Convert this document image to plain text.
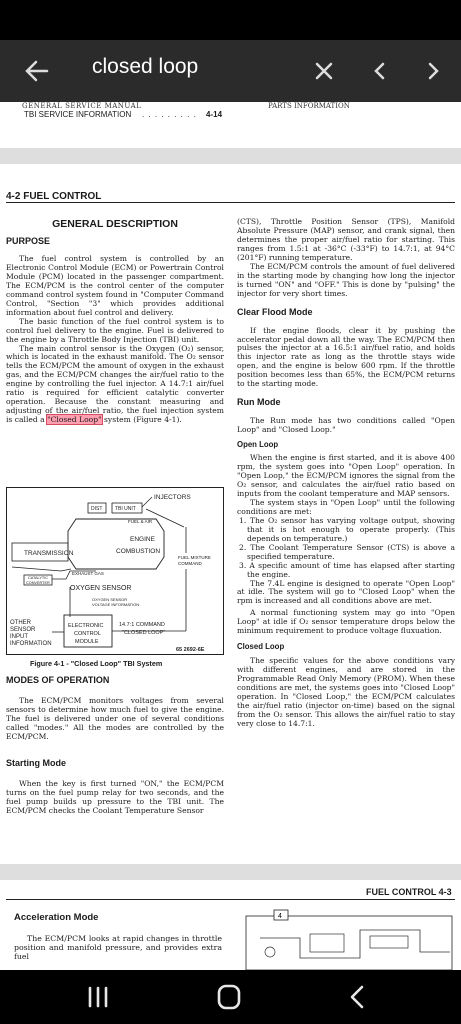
closed loop
GENERAL SERVICE MANUAL	PARTS INFORMATION
TBI SERVICE INFORMATION . . . . . . . . . 4-14
4-2 FUEL CONTROL
GENERAL DESCRIPTION
PURPOSE

The fuel control system is controlled by an Electronic Control Module (ECM) or Powertrain Control Module (PCM) located in the passenger compartment. The ECM/PCM is the control center of the computer command control system found in "Computer Command Control, "Section "3" which provides additional information about fuel control and delivery.

The basic function of the fuel control system is to control fuel delivery to the engine. Fuel is delivered to the engine by a Throttle Body Injection (TBI) unit.

The main control sensor is the Oxygen (O₂) sensor, which is located in the exhaust manifold. The O₂ sensor tells the ECM/PCM the amount of oxygen in the exhaust gas, and the ECM/PCM changes the air/fuel ratio to the engine by controlling the fuel injector. A 14.7:1 air/fuel ratio is required for efficient catalytic converter operation. Because the constant measuring and adjusting of the air/fuel ratio, the fuel injection system is called a "Closed Loop" system (Figure 4-1).

INJECTORS
DIST	TBI UNIT
FUEL & AIR
ENGINE
COMBUSTION
FUEL MIXTURE
COMMAND
TRANSMISSION
CATALYTIC
CONVERTER
EXHAUST GAS
OXYGEN SENSOR
OXYGEN SENSOR
VOLTAGE INFORMATION
OTHER
SENSOR
INPUT
INFORMATION
ELECTRONIC
CONTROL
MODULE
14.7:1 COMMAND
"CLOSED LOOP"
65 2692-6E
Figure 4-1 - "Closed Loop" TBI System
MODES OF OPERATION

The ECM/PCM monitors voltages from several sensors to determine how much fuel to give the engine. The fuel is delivered under one of several conditions called "modes." All the modes are controlled by the ECM/PCM.

Starting Mode

When the key is first turned "ON," the ECM/PCM turns on the fuel pump relay for two seconds, and the fuel pump builds up pressure to the TBI unit. The ECM/PCM checks the Coolant Temperature Sensor

(CTS), Throttle Position Sensor (TPS), Manifold Absolute Pressure (MAP) sensor, and crank signal, then determines the proper air/fuel ratio for starting. This ranges from 1.5:1 at -36°C (-33°F) to 14.7:1, at 94°C (201°F) running temperature.

The ECM/PCM controls the amount of fuel delivered in the starting mode by changing how long the injector is turned "ON" and "OFF." This is done by "pulsing" the injector for very short times.

Clear Flood Mode

If the engine floods, clear it by pushing the accelerator pedal down all the way. The ECM/PCM then pulses the injector at a 16.5:1 air/fuel ratio, and holds this injector rate as long as the throttle stays wide open, and the engine is below 600 rpm. If the throttle position becomes less than 65%, the ECM/PCM returns to the starting mode.

Run Mode

The Run mode has two conditions called "Open Loop" and "Closed Loop."

Open Loop

When the engine is first started, and it is above 400 rpm, the system goes into "Open Loop" operation. In "Open Loop," the ECM/PCM ignores the signal from the O₂ sensor, and calculates the air/fuel ratio based on inputs from the coolant temperature and MAP sensors.

The system stays in "Open Loop" until the following conditions are met:

1. The O₂ sensor has varying voltage output, showing that it is hot enough to operate properly. (This depends on temperature.)

2. The Coolant Temperature Sensor (CTS) is above a specified temperature.

3. A specific amount of time has elapsed after starting the engine.

The 7.4L engine is designed to operate "Open Loop" at idle. The system will go to "Closed Loop" when the rpm is increased and all conditions above are met.

A normal functioning system may go into "Open Loop" at idle if O₂ sensor temperature drops below the minimum requirement to produce voltage fluxuation.

Closed Loop

The specific values for the above conditions vary with different engines, and are stored in the Programmable Read Only Memory (PROM). When these conditions are met, the systems goes into "Closed Loop" operation. In "Closed Loop," the ECM/PCM calculates the air/fuel ratio (injector on-time) based on the signal from the O₂ sensor. This allows the air/fuel ratio to stay very close to 14.7:1.

FUEL CONTROL 4-3
Acceleration Mode

The ECM/PCM looks at rapid changes in throttle position and manifold pressure, and provides extra fuel

4
